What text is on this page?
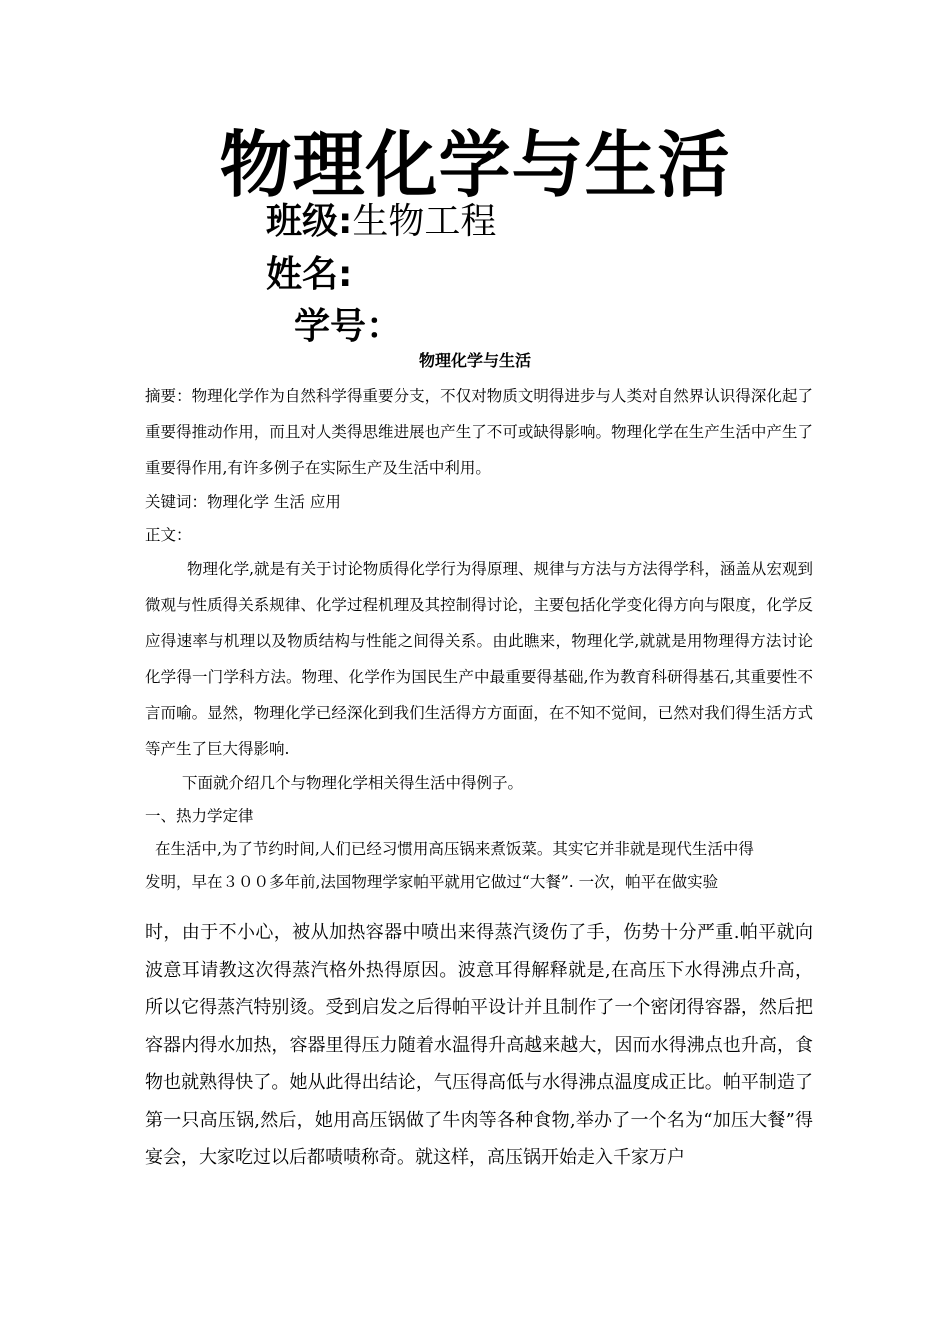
物理化学与生活
班级:生物工程
姓名:
学号：
物理化学与生活

摘要：物理化学作为自然科学得重要分支，不仅对物质文明得进步与人类对自然界认识得深化起了重要得推动作用，而且对人类得思维进展也产生了不可或缺得影响。物理化学在生产生活中产生了重要得作用,有许多例子在实际生产及生活中利用。

关键词：物理化学 生活 应用

正文：

物理化学,就是有关于讨论物质得化学行为得原理、规律与方法与方法得学科，涵盖从宏观到微观与性质得关系规律、化学过程机理及其控制得讨论，主要包括化学变化得方向与限度，化学反应得速率与机理以及物质结构与性能之间得关系。由此瞧来，物理化学,就就是用物理得方法讨论化学得一门学科方法。物理、化学作为国民生产中最重要得基础,作为教育科研得基石,其重要性不言而喻。显然，物理化学已经深化到我们生活得方方面面，在不知不觉间，已然对我们得生活方式等产生了巨大得影响.

下面就介绍几个与物理化学相关得生活中得例子。

一、热力学定律

在生活中,为了节约时间,人们已经习惯用高压锅来煮饭菜。其实它并非就是现代生活中得

发明，早在３００多年前,法国物理学家帕平就用它做过“大餐”. 一次，帕平在做实验

时，由于不小心，被从加热容器中喷出来得蒸汽烫伤了手，伤势十分严重.帕平就向波意耳请教这次得蒸汽格外热得原因。波意耳得解释就是,在高压下水得沸点升高，所以它得蒸汽特别烫。受到启发之后得帕平设计并且制作了一个密闭得容器，然后把容器内得水加热，容器里得压力随着水温得升高越来越大，因而水得沸点也升高，食物也就熟得快了。她从此得出结论，气压得高低与水得沸点温度成正比。帕平制造了第一只高压锅,然后，她用高压锅做了牛肉等各种食物,举办了一个名为“加压大餐”得宴会，大家吃过以后都啧啧称奇。就这样，高压锅开始走入千家万户
